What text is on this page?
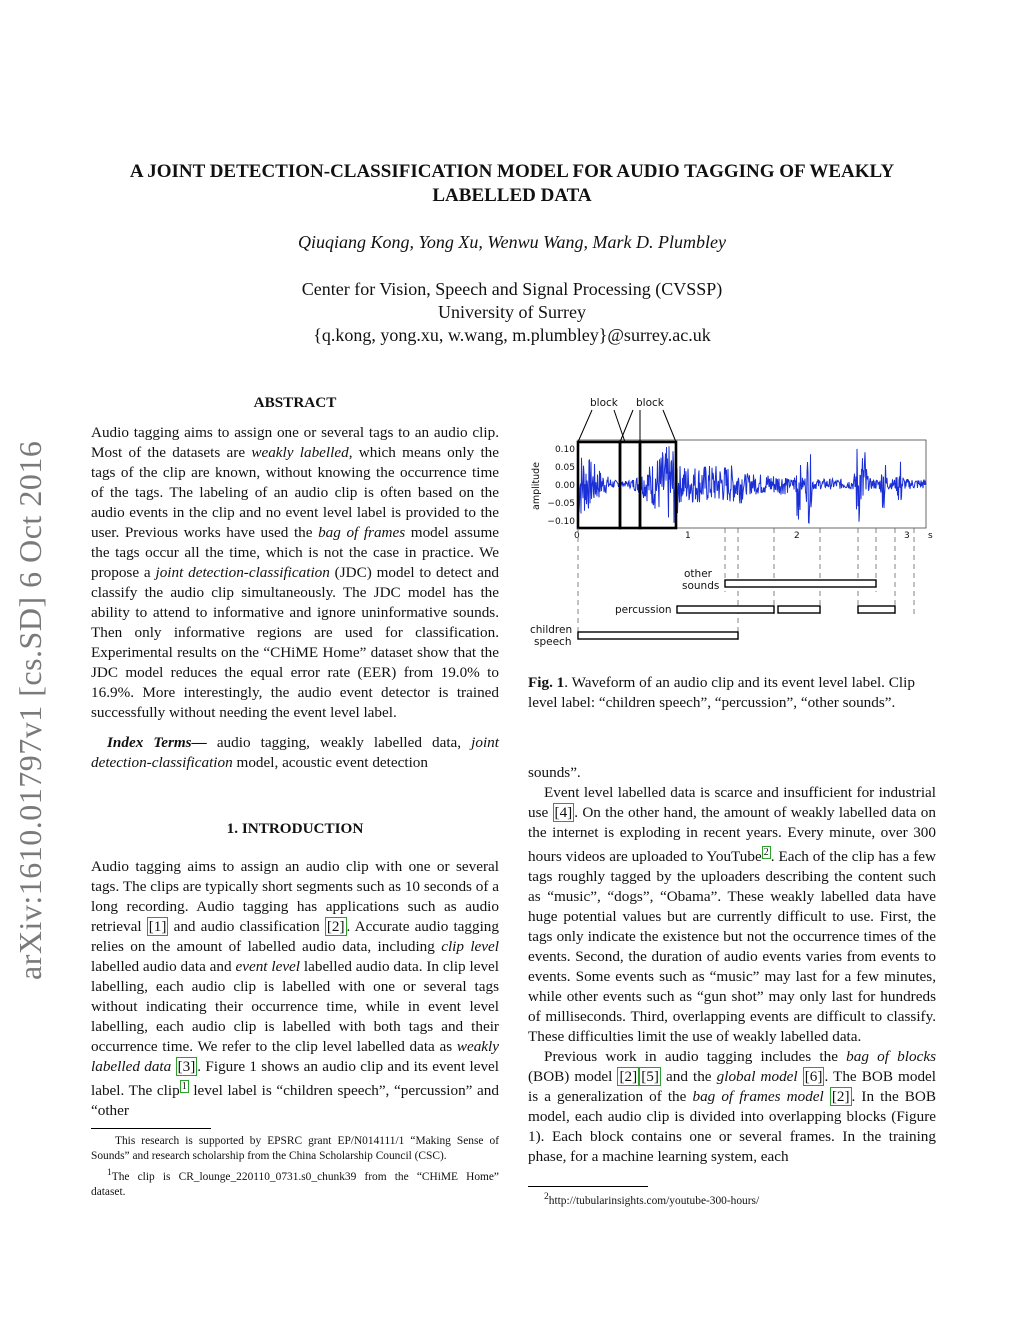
arXiv:1610.01797v1 [cs.SD] 6 Oct 2016
A JOINT DETECTION-CLASSIFICATION MODEL FOR AUDIO TAGGING OF WEAKLY
LABELLED DATA
Qiuqiang Kong, Yong Xu, Wenwu Wang, Mark D. Plumbley
Center for Vision, Speech and Signal Processing (CVSSP)
University of Surrey
{q.kong, yong.xu, w.wang, m.plumbley}@surrey.ac.uk
ABSTRACT

Audio tagging aims to assign one or several tags to an audio clip. Most of the datasets are weakly labelled, which means only the tags of the clip are known, without knowing the occurrence time of the tags. The labeling of an audio clip is often based on the audio events in the clip and no event level label is provided to the user. Previous works have used the bag of frames model assume the tags occur all the time, which is not the case in practice. We propose a joint detection-classification (JDC) model to detect and classify the audio clip simultaneously. The JDC model has the ability to attend to informative and ignore uninformative sounds. Then only informative regions are used for classification. Experimental results on the “CHiME Home” dataset show that the JDC model reduces the equal error rate (EER) from 19.0% to 16.9%. More interestingly, the audio event detector is trained successfully without needing the event level label.

Index Terms— audio tagging, weakly labelled data, joint detection-classification model, acoustic event detection

1. INTRODUCTION

Audio tagging aims to assign an audio clip with one or several tags. The clips are typically short segments such as 10 seconds of a long recording. Audio tagging has applications such as audio retrieval [1] and audio classification [2] . Accurate audio tagging relies on the amount of labelled audio data, including clip level labelled audio data and event level labelled audio data. In clip level labelling, each audio clip is labelled with one or several tags without indicating their occurrence time, while in event level labelling, each audio clip is labelled with both tags and their occurrence time. We refer to the clip level labelled data as weakly labelled data [3] . Figure 1 shows an audio clip and its event level label. The clip $^1$ level label is “children speech”, “percussion” and “other

This research is supported by EPSRC grant EP/N014111/1 “Making Sense of Sounds” and research scholarship from the China Scholarship Council (CSC).

$^1$The clip is CR_lounge_220110_0731.s0_chunk39 from the “CHiME Home” dataset.

block block
amplitude
0.10
0.05
0.00
−0.05
−0.10
0	1	2	3 s
other
sounds
percussion
children
speech
Fig. 1. Waveform of an audio clip and its event level label. Clip level label: “children speech”, “percussion”, “other sounds”.

sounds”.

Event level labelled data is scarce and insufficient for industrial use [4] . On the other hand, the amount of weakly labelled data on the internet is exploding in recent years. Every minute, over 300 hours videos are uploaded to YouTube $^2$ . Each of the clip has a few tags roughly tagged by the uploaders describing the content such as “music”, “dogs”, “Obama”. These weakly labelled data have huge potential values but are currently difficult to use. First, the tags only indicate the existence but not the occurrence times of the events. Second, the duration of audio events varies from events to events. Some events such as “music” may last for a few minutes, while other events such as “gun shot” may only last for hundreds of milliseconds. Third, overlapping events are difficult to classify. These difficulties limit the use of weakly labelled data.

Previous work in audio tagging includes the bag of blocks (BOB) model [2] [5] and the global model [6] . The BOB model is a generalization of the bag of frames model [2] . In the BOB model, each audio clip is divided into overlapping blocks (Figure 1). Each block contains one or several frames. In the training phase, for a machine learning system, each

$^2$http://tubularinsights.com/youtube-300-hours/
